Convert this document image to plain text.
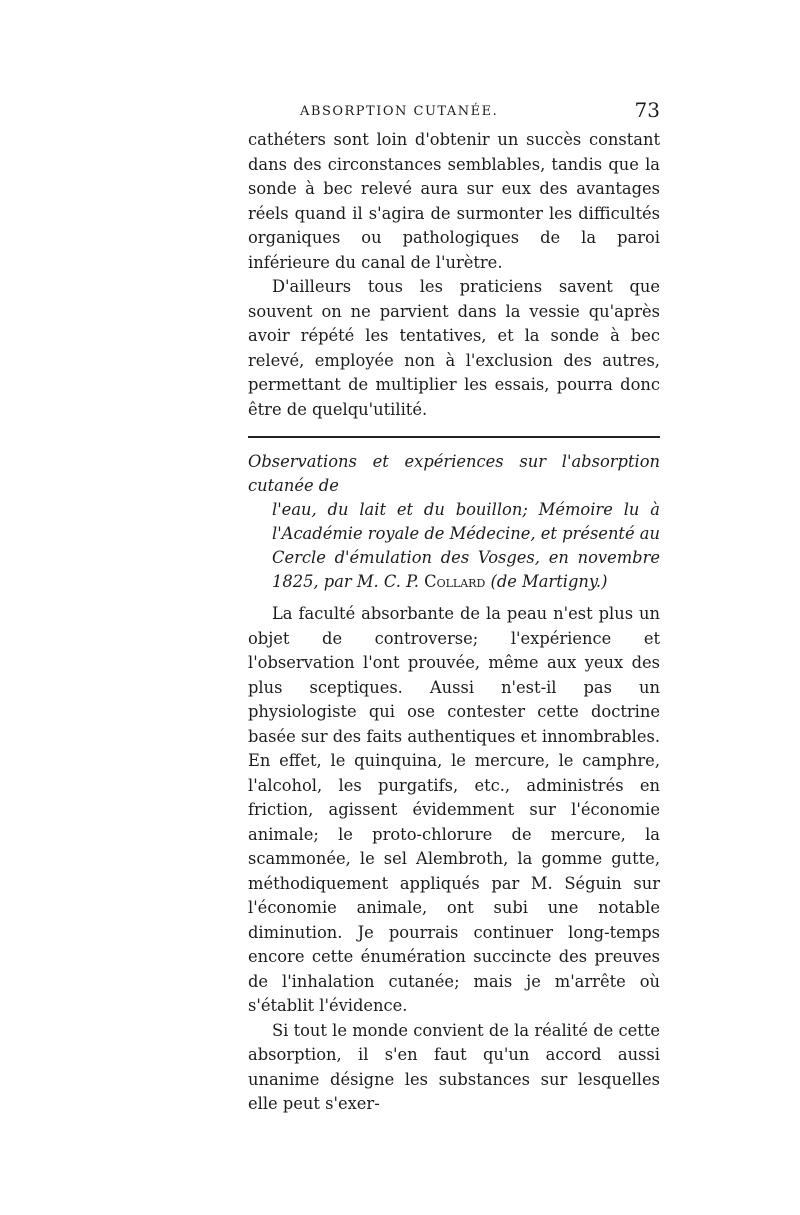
ABSORPTION CUTANÉE.	73

cathéters sont loin d'obtenir un succès constant dans des circonstances semblables, tandis que la sonde à bec relevé aura sur eux des avantages réels quand il s'agira de surmonter les difficultés organiques ou pathologiques de la paroi inférieure du canal de l'urètre.

D'ailleurs tous les praticiens savent que souvent on ne parvient dans la vessie qu'après avoir répété les tentatives, et la sonde à bec relevé, employée non à l'exclusion des autres, permettant de multiplier les essais, pourra donc être de quelqu'utilité.

Observations et expériences sur l'absorption cutanée de
l'eau, du lait et du bouillon; Mémoire lu à l'Académie royale de Médecine, et présenté au Cercle d'émulation des Vosges, en novembre 1825, par M. C. P. Collard (de Martigny.)

La faculté absorbante de la peau n'est plus un objet de controverse; l'expérience et l'observation l'ont prouvée, même aux yeux des plus sceptiques. Aussi n'est-il pas un physiologiste qui ose contester cette doctrine basée sur des faits authentiques et innombrables. En effet, le quinquina, le mercure, le camphre, l'alcohol, les purgatifs, etc., administrés en friction, agissent évidemment sur l'économie animale; le proto-chlorure de mercure, la scammonée, le sel Alembroth, la gomme gutte, méthodiquement appliqués par M. Séguin sur l'économie animale, ont subi une notable diminution. Je pourrais continuer long-temps encore cette énumération succincte des preuves de l'inhalation cutanée; mais je m'arrête où s'établit l'évidence.

Si tout le monde convient de la réalité de cette absorption, il s'en faut qu'un accord aussi unanime désigne les substances sur lesquelles elle peut s'exer-
